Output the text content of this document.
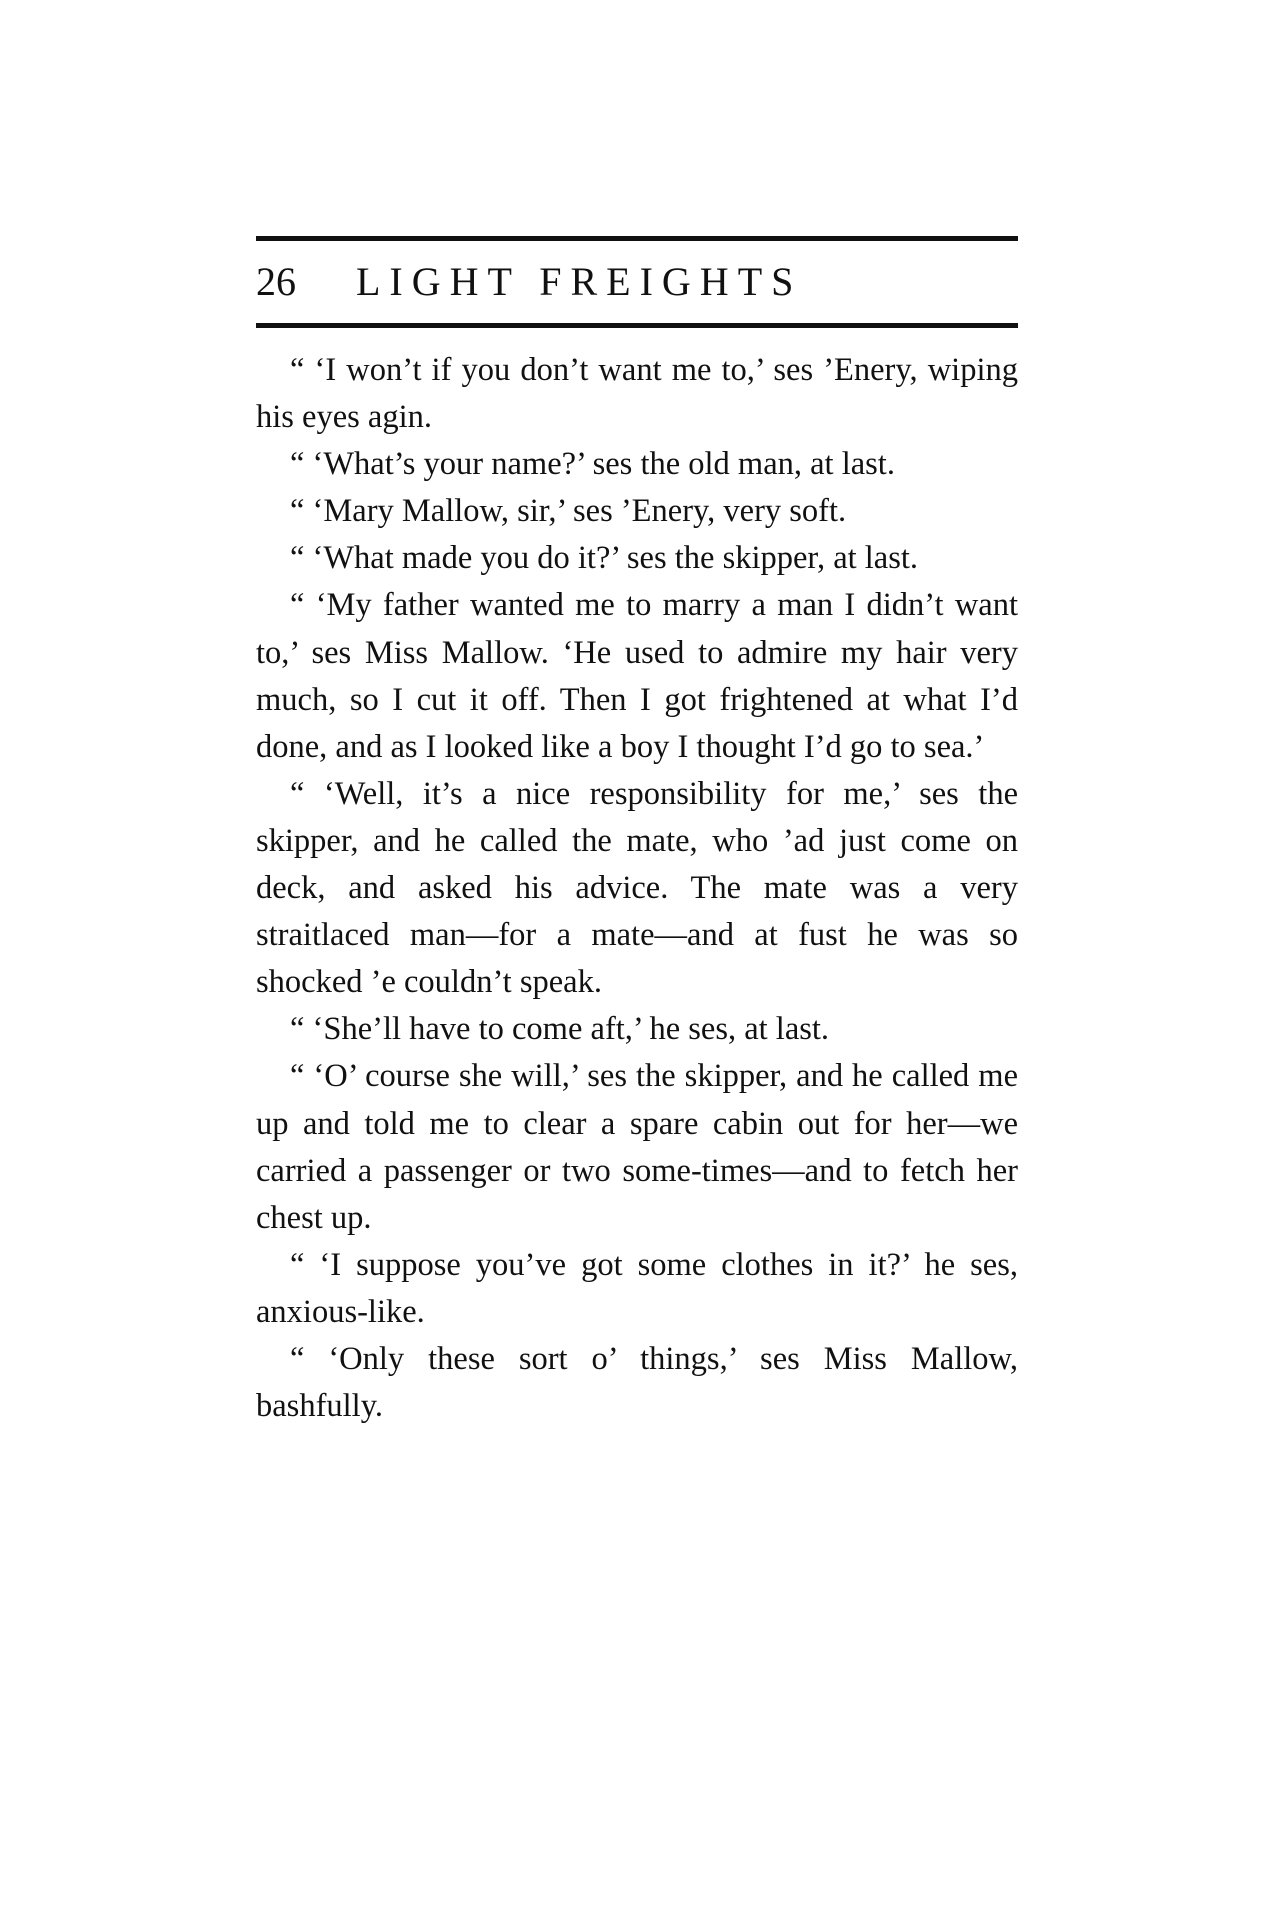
26	LIGHT FREIGHTS

“ ‘I won’t if you don’t want me to,’ ses ’Enery, wiping his eyes agin.

“ ‘What’s your name?’ ses the old man, at last.

“ ‘Mary Mallow, sir,’ ses ’Enery, very soft.

“ ‘What made you do it?’ ses the skipper, at last.

“ ‘My father wanted me to marry a man I didn’t want to,’ ses Miss Mallow. ‘He used to admire my hair very much, so I cut it off. Then I got frightened at what I’d done, and as I looked like a boy I thought I’d go to sea.’

“ ‘Well, it’s a nice responsibility for me,’ ses the skipper, and he called the mate, who ’ad just come on deck, and asked his advice. The mate was a very straitlaced man—for a mate—and at fust he was so shocked ’e couldn’t speak.

“ ‘She’ll have to come aft,’ he ses, at last.

“ ‘O’ course she will,’ ses the skipper, and he called me up and told me to clear a spare cabin out for her—we carried a passenger or two some-times—and to fetch her chest up.

“ ‘I suppose you’ve got some clothes in it?’ he ses, anxious-like.

“ ‘Only these sort o’ things,’ ses Miss Mallow, bashfully.
